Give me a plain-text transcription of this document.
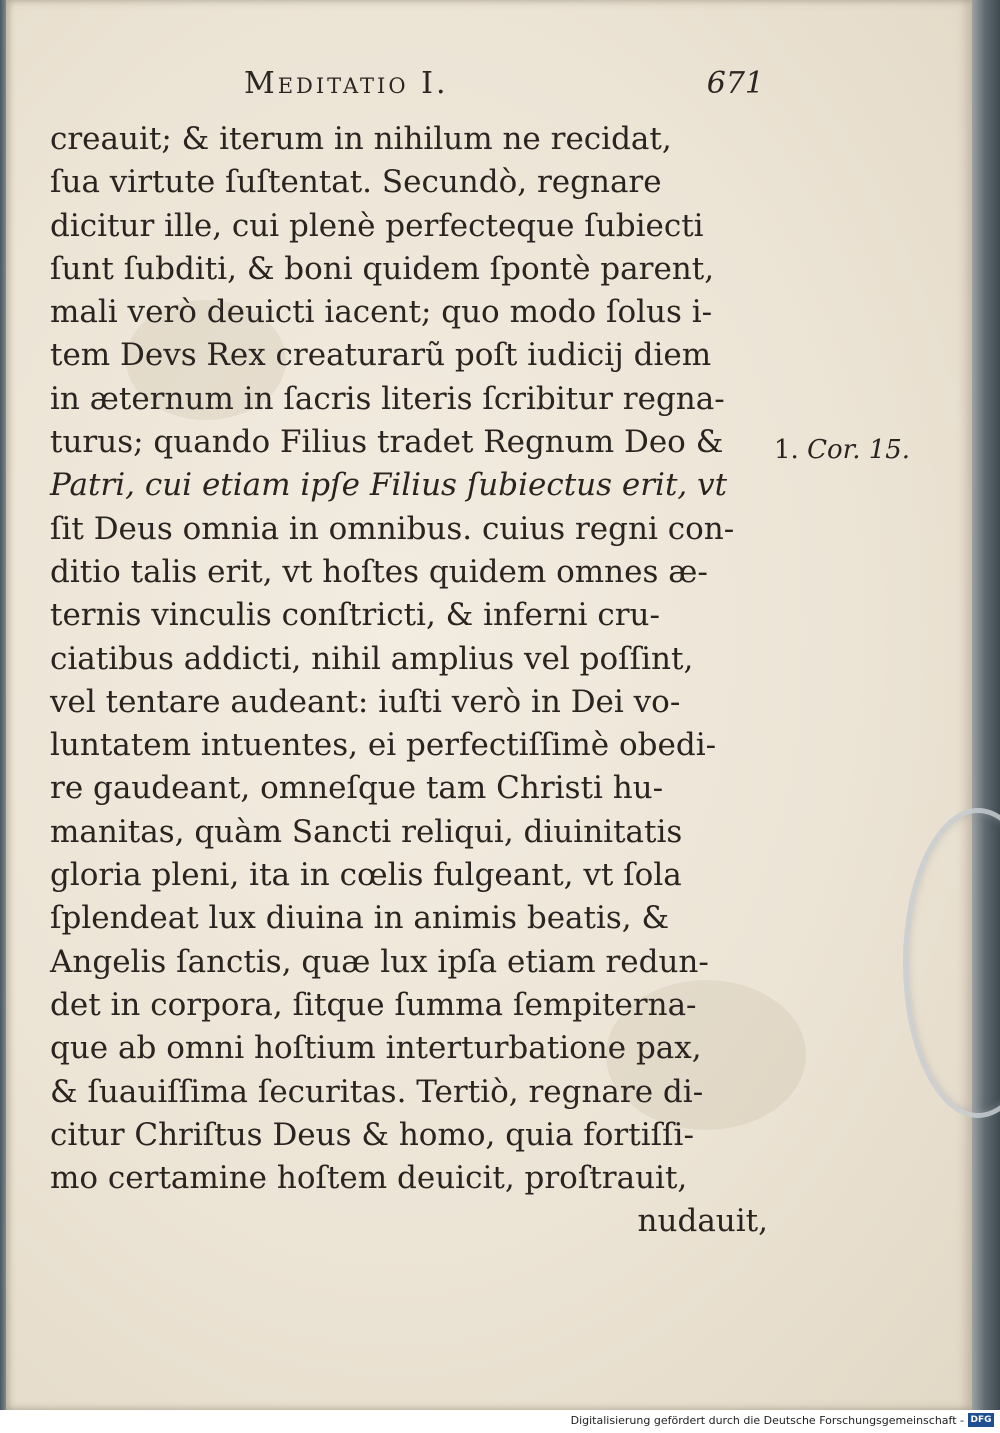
Meditatio I.	671
creauit; & iterum in nihilum ne recidat,
ſua virtute ſuſtentat. Secundò, regnare
dicitur ille, cui plenè perfecteque ſubiecti
ſunt ſubditi, & boni quidem ſpontè parent,
mali verò deuicti iacent; quo modo ſolus i-
tem Devs Rex creaturarũ poſt iudicij diem
in æternum in ſacris literis ſcribitur regna-
turus; quando Filius tradet Regnum Deo &
Patri, cui etiam ipſe Filius ſubiectus erit, vt
ſit Deus omnia in omnibus. cuius regni con-
ditio talis erit, vt hoſtes quidem omnes æ-
ternis vinculis conſtricti, & inferni cru-
ciatibus addicti, nihil amplius vel poſſint,
vel tentare audeant: iuſti verò in Dei vo-
luntatem intuentes, ei perfectiſſimè obedi-
re gaudeant, omneſque tam Christi hu-
manitas, quàm Sancti reliqui, diuinitatis
gloria pleni, ita in cœlis fulgeant, vt ſola
ſplendeat lux diuina in animis beatis, &
Angelis ſanctis, quæ lux ipſa etiam redun-
det in corpora, ſitque ſumma ſempiterna-
que ab omni hoſtium interturbatione pax,
& ſuauiſſima ſecuritas. Tertiò, regnare di-
citur Chriſtus Deus & homo, quia fortiſſi-
mo certamine hoſtem deuicit, proſtrauit,
nudauit,
1. Cor. 15.
Digitalisierung gefördert durch die Deutsche Forschungsgemeinschaft - DFG
